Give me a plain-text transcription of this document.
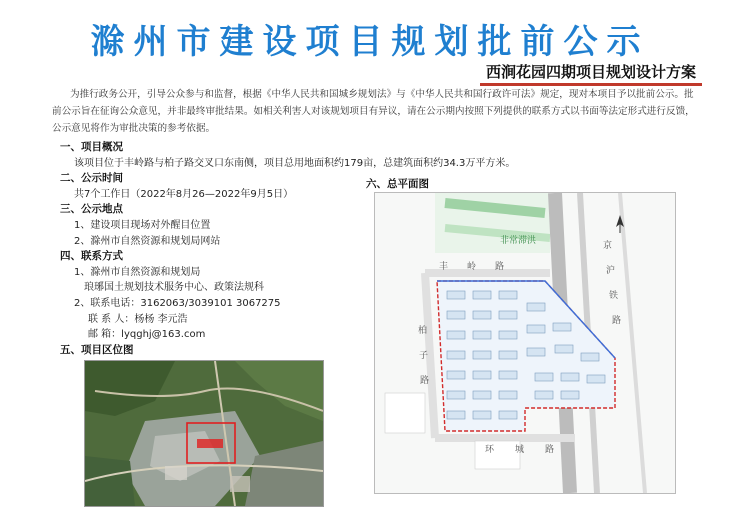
滁州市建设项目规划批前公示
西涧花园四期项目规划设计方案
为推行政务公开，引导公众参与和监督，根据《中华人民共和国城乡规划法》与《中华人民共和国行政许可法》规定，现对本项目予以批前公示。批前公示旨在征询公众意见，并非最终审批结果。如相关利害人对该规划项目有异议，请在公示期内按照下列提供的联系方式以书面等法定形式进行反馈，公示意见将作为审批决策的参考依据。
一、项目概况
该项目位于丰岭路与柏子路交叉口东南侧，项目总用地面积约179亩，总建筑面积约34.3万平方米。
二、公示时间
共7个工作日（2022年8月26—2022年9月5日）
三、公示地点
1、建设项目现场对外醒目位置
2、滁州市自然资源和规划局网站
四、联系方式
1、滁州市自然资源和规划局
琅琊国土规划技术服务中心、政策法规科
2、联系电话：3162063/3039101 3067275
联 系 人：杨杨 李元浩
邮 箱：lyqghj@163.com
五、项目区位图
六、总平面图
非常滞洪
丰 岭 路
柏
子
路
环 城 路
京
沪
铁
路
